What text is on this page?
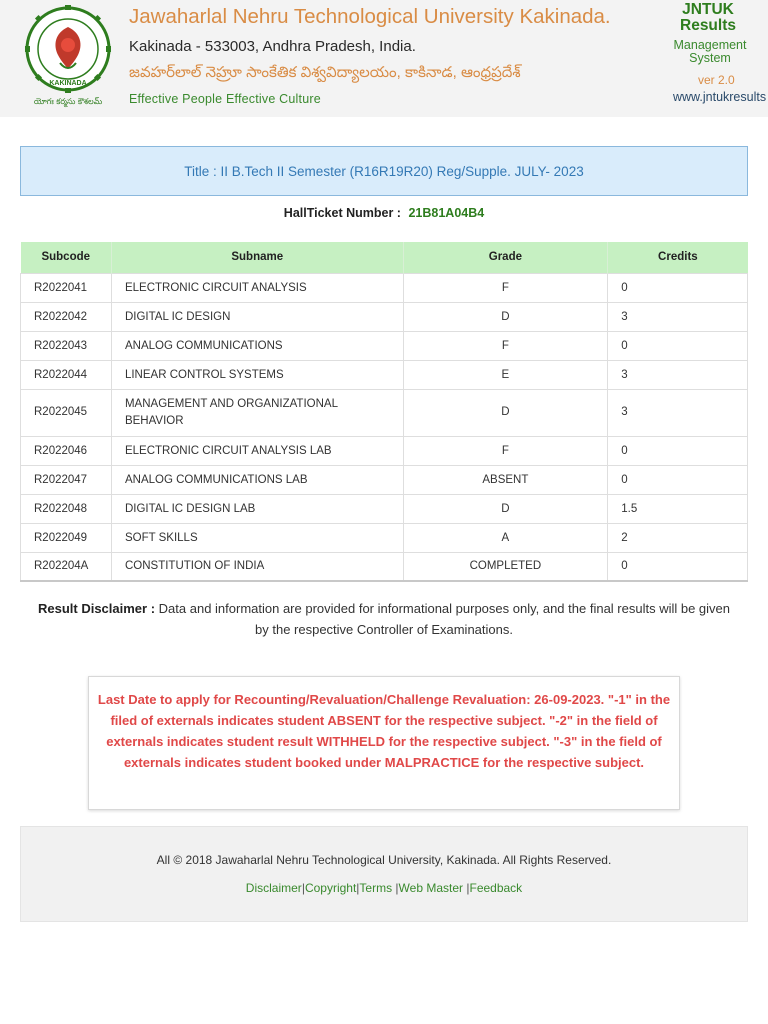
KAKINADA
యోగః కర్మసు కౌశలమ్
Jawaharlal Nehru Technological University Kakinada.
Kakinada - 533003, Andhra Pradesh, India.
జవహర్‌లాల్ నెహ్రూ సాంకేతిక విశ్వవిద్యాలయం, కాకినాడ, ఆంధ్రప్రదేశ్
Effective People Effective Culture
JNTUK
Results
Management System
ver 2.0
www.jntukresults
Title : II B.Tech II Semester (R16R19R20) Reg/Supple. JULY- 2023
HallTicket Number : 21B81A04B4
Subcode	Subname	Grade	Credits
R2022041	ELECTRONIC CIRCUIT ANALYSIS	F	0
R2022042	DIGITAL IC DESIGN	D	3
R2022043	ANALOG COMMUNICATIONS	F	0
R2022044	LINEAR CONTROL SYSTEMS	E	3
R2022045	MANAGEMENT AND ORGANIZATIONAL BEHAVIOR	D	3
R2022046	ELECTRONIC CIRCUIT ANALYSIS LAB	F	0
R2022047	ANALOG COMMUNICATIONS LAB	ABSENT	0
R2022048	DIGITAL IC DESIGN LAB	D	1.5
R2022049	SOFT SKILLS	A	2
R202204A	CONSTITUTION OF INDIA	COMPLETED	0
Result Disclaimer : Data and information are provided for informational purposes only, and the final results will be given by the respective Controller of Examinations.
Last Date to apply for Recounting/Revaluation/Challenge Revaluation: 26-09-2023. "-1" in the filed of externals indicates student ABSENT for the respective subject. "-2" in the field of externals indicates student result WITHHELD for the respective subject. "-3" in the field of externals indicates student booked under MALPRACTICE for the respective subject.
All © 2018 Jawaharlal Nehru Technological University, Kakinada. All Rights Reserved.
Disclaimer|Copyright|Terms |Web Master |Feedback
